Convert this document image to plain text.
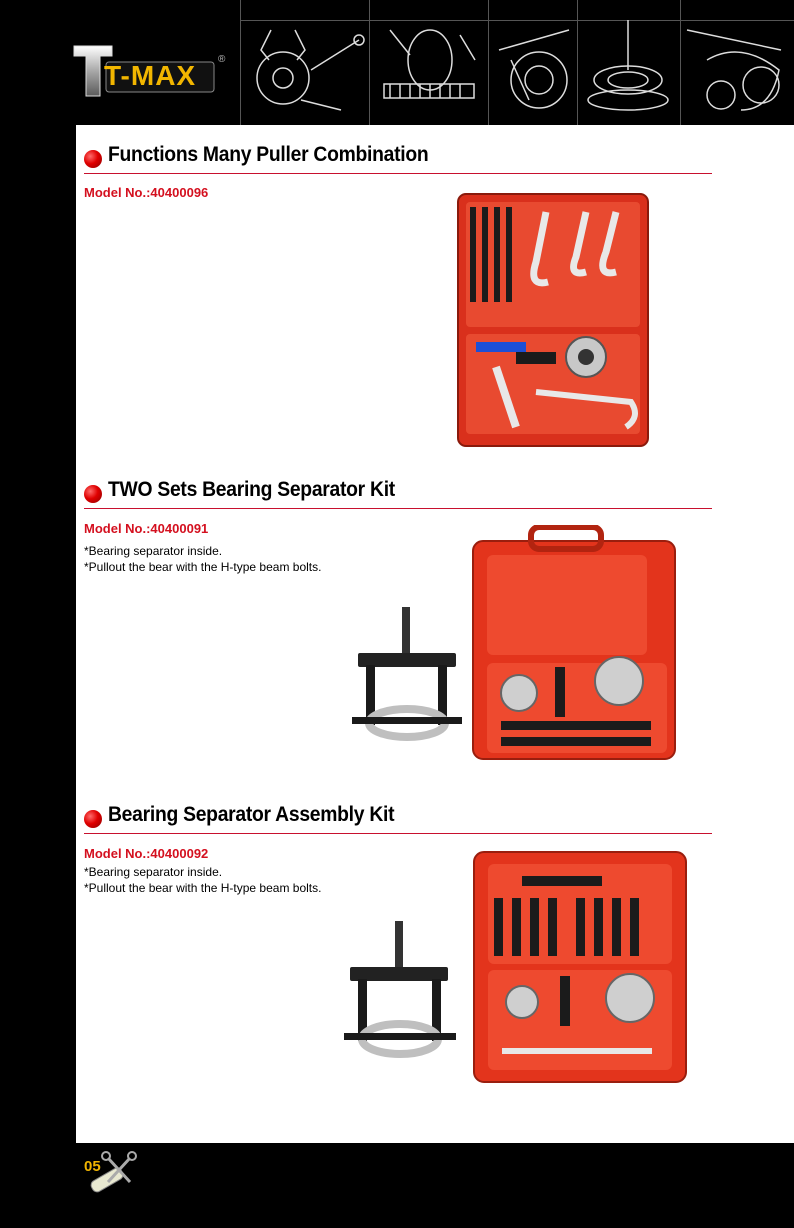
T-MAX
®
Functions Many Puller Combination
Model No.:40400096
TWO Sets Bearing Separator Kit
Model No.:40400091
*Bearing separator inside.
*Pullout the bear with the H-type beam bolts.
Bearing Separator Assembly Kit
Model No.:40400092
*Bearing separator inside.
*Pullout the bear with the H-type beam bolts.
05
